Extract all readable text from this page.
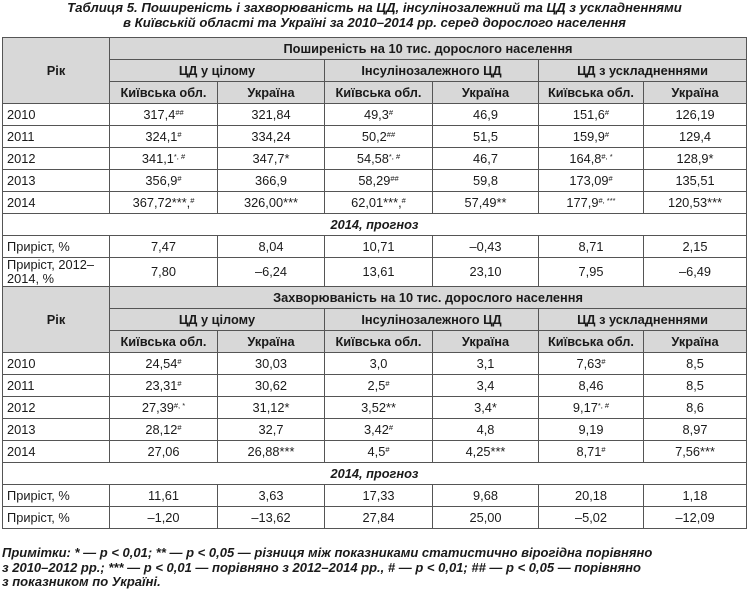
Таблиця 5. Поширеність і захворюваність на ЦД, інсулінозалежний та ЦД з ускладненнями
в Київській області та Україні за 2010–2014 рр. серед дорослого населення
Рік	Поширеність на 10 тис. дорослого населення					
	ЦД у цілому		Інсулінозалежного ЦД		ЦД з ускладненнями	
	Київська обл.	Україна	Київська обл.	Україна	Київська обл.	Україна
2010	317,4##	321,84	49,3#	46,9	151,6#	126,19
2011	324,1#	334,24	50,2##	51,5	159,9#	129,4
2012	341,1*, #	347,7*	54,58*, #	46,7	164,8#, *	128,9*
2013	356,9#	366,9	58,29##	59,8	173,09#	135,51
2014	367,72***,#	326,00***	62,01***,#	57,49**	177,9#, ***	120,53***
2014, прогноз						
Приріст, %	7,47	8,04	10,71	–0,43	8,71	2,15
Приріст, 2012–2014, %	7,80	–6,24	13,61	23,10	7,95	–6,49
Рік	Захворюваність на 10 тис. дорослого населення					
	ЦД у цілому		Інсулінозалежного ЦД		ЦД з ускладненнями	
	Київська обл.	Україна	Київська обл.	Україна	Київська обл.	Україна
2010	24,54#	30,03	3,0	3,1	7,63#	8,5
2011	23,31#	30,62	2,5#	3,4	8,46	8,5
2012	27,39#, *	31,12*	3,52**	3,4*	9,17*, #	8,6
2013	28,12#	32,7	3,42#	4,8	9,19	8,97
2014	27,06	26,88***	4,5#	4,25***	8,71#	7,56***
2014, прогноз						
Приріст, %	11,61	3,63	17,33	9,68	20,18	1,18
Приріст, %	–1,20	–13,62	27,84	25,00	–5,02	–12,09
Примітки: * — р < 0,01; ** — р < 0,05 — різниця між показниками статистично вірогідна порівняно
з 2010–2012 рр.; *** — р < 0,01 — порівняно з 2012–2014 рр., # — р < 0,01; ## — р < 0,05 — порівняно
з показником по Україні.
